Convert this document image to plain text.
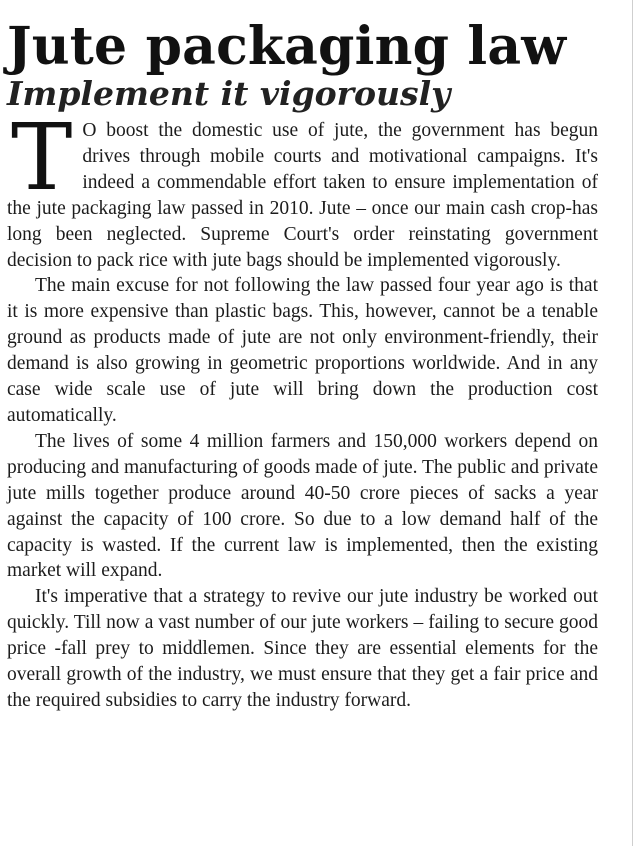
Jute packaging law
Implement it vigorously

T O boost the domestic use of jute, the government has begun drives through mobile courts and motivational campaigns. It's indeed a commendable effort taken to ensure implementation of the jute packaging law passed in 2010. Jute – once our main cash crop-has long been neglected. Supreme Court's order reinstating government decision to pack rice with jute bags should be implemented vigorously.

The main excuse for not following the law passed four year ago is that it is more expensive than plastic bags. This, however, cannot be a tenable ground as products made of jute are not only environment-friendly, their demand is also growing in geometric proportions worldwide. And in any case wide scale use of jute will bring down the production cost automatically.

The lives of some 4 million farmers and 150,000 workers depend on producing and manufacturing of goods made of jute. The public and private jute mills together produce around 40-50 crore pieces of sacks a year against the capacity of 100 crore. So due to a low demand half of the capacity is wasted. If the current law is implemented, then the existing market will expand.

It's imperative that a strategy to revive our jute industry be worked out quickly. Till now a vast number of our jute workers – failing to secure good price -fall prey to middlemen. Since they are essential elements for the overall growth of the industry, we must ensure that they get a fair price and the required subsidies to carry the industry forward.
